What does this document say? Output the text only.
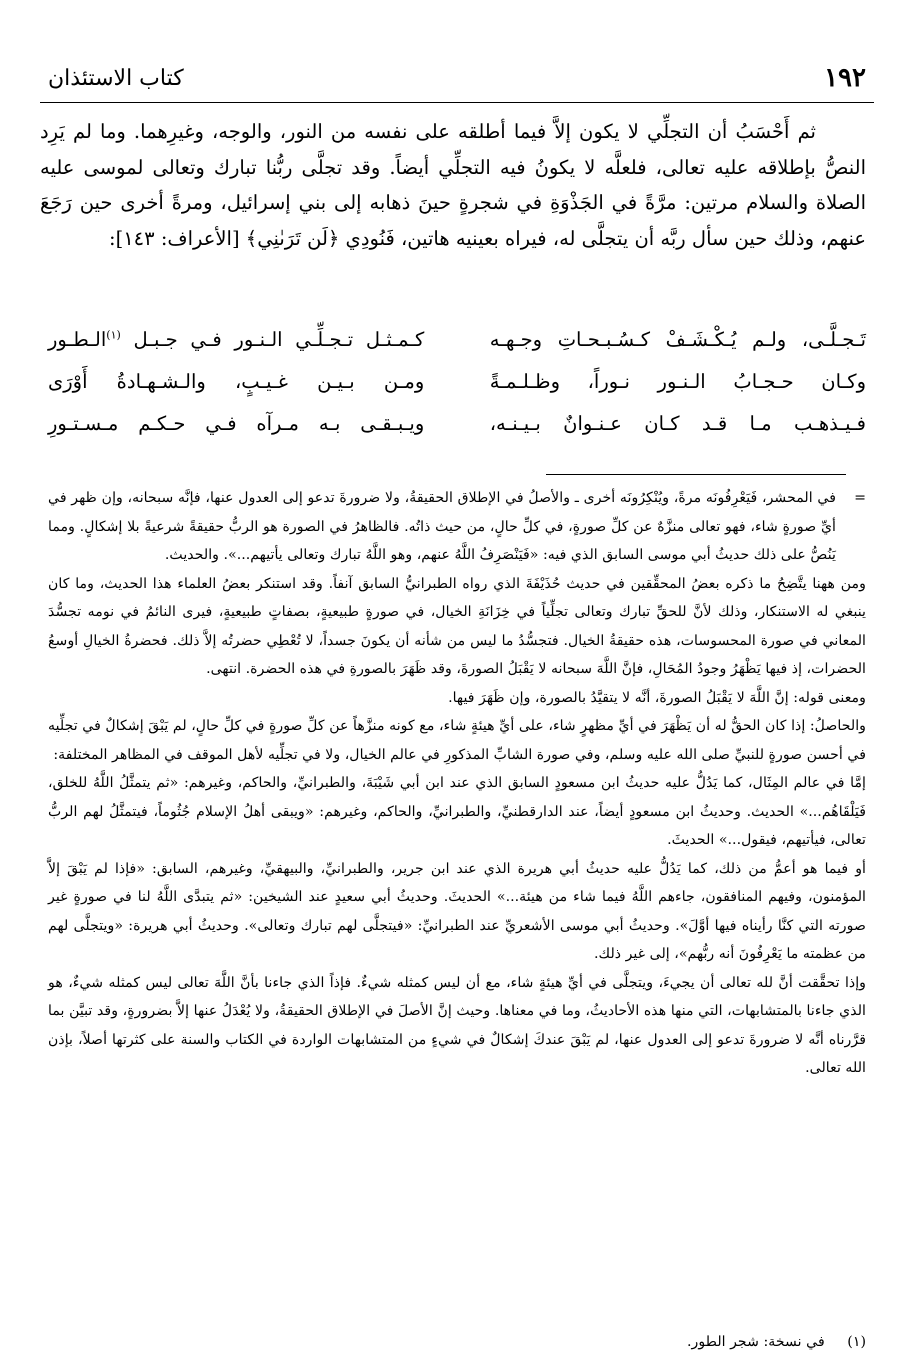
١٩٢
كتاب الاستئذان

ثم أَحْسَبُ أن التجلِّي لا يكون إلاَّ فيما أطلقه على نفسه من النور، والوجه، وغيرِهما. وما لم يَرِد النصُّ بإطلاقه عليه تعالى، فلعلَّه لا يكونُ فيه التجلِّي أيضاً. وقد تجلَّى ربُّنا تبارك وتعالى لموسى عليه الصلاة والسلام مرتين: مرَّةً في الجَذْوَةِ في شجرةٍ حينَ ذهابه إلى بني إسرائيل، ومرةً أخرى حين رَجَعَ عنهم، وذلك حين سأل ربَّه أن يتجلَّى له، فيراه بعينيه هاتين، فَنُودِي ﴿لَن تَرَىٰنِي﴾ [الأعراف: ١٤٣]:

تَـجـلَّـى، ولـم يُـكْـشَـفْ كـسُـبـحـاتِ وجـهـه
كـمـثـل تـجـلِّـي الـنـور فـي جـبـل $^{(١)}$الـطـور
وكـان حـجـابُ الـنـور نـوراً، وظـلـمـةً
ومـن بـيـن غـيـبٍ، والـشـهـادةُ أَوْرَى
فـيـذهـب مـا قـد كـان عـنـوانٌ بـيـنـه،
ويـبـقـى بـه مـرآه فـي حـكـم مـسـتـورِ

=
في المحشر، فَيَعْرِفُونَه مرةً، ويُنْكِرُونَه أخرى ـ والأصلُ في الإطلاق الحقيقةُ، ولا ضرورةَ تدعو إلى العدول عنها، فإنَّه سبحانه، وإن ظهر في أيِّ صورةٍ شاء، فهو تعالى منزَّهٌ عن كلِّ صورةٍ، في كلِّ حالٍ، من حيث ذاتُه. فالظاهرُ في الصورة هو الربُّ حقيقةً شرعيةً بلا إشكالٍ. ومما يَنُصُّ على ذلك حديثُ أبي موسى السابق الذي فيه: «فَيَنْصَرِفُ اللَّهُ عنهم، وهو اللَّهُ تبارك وتعالى يأتيهم...». والحديث.

ومن ههنا يتَّضِحُ ما ذكره بعضُ المحقِّقين في حديث حُذَيْفَةَ الذي رواه الطبرانيُّ السابق آنفاً. وقد استنكر بعضُ العلماء هذا الحديث، وما كان ينبغي له الاستنكار، وذلك لأنَّ للحقِّ تبارك وتعالى تجلِّياً في خِزَانَةِ الخيال، في صورةٍ طبيعيةٍ، بصفاتٍ طبيعيةٍ، فيرى النائمُ في نومه تجسُّدَ المعاني في صورة المحسوسات، هذه حقيقةُ الخيال. فتجسُّدُ ما ليس من شأنه أن يكونَ جسداً، لا تُعْطِي حضرتُه إلاَّ ذلك. فحضرةُ الخيالِ أوسعُ الحضرات، إذ فيها يَظْهَرُ وجودُ المُحَالِ، فإنَّ اللَّهَ سبحانه لا يَقْبَلُ الصورةَ، وقد ظَهَرَ بالصورةِ في هذه الحضرة. انتهى.

ومعنى قوله: إنَّ اللَّهَ لا يَقْبَلُ الصورةَ، أنَّه لا يتقيَّدُ بالصورة، وإن ظَهَرَ فيها.

والحاصلُ: إذا كان الحقُّ له أن يَظْهَرَ في أيِّ مظهرٍ شاء، على أيِّ هيئةٍ شاء، مع كونه منزَّهاً عن كلِّ صورةٍ في كلِّ حالٍ، لم يَبْقَ إشكالٌ في تجلِّيه في أحسن صورةٍ للنبيِّ صلى الله عليه وسلم، وفي صورة الشابِّ المذكورِ في عالم الخيال، ولا في تجلِّيه لأهل الموقف في المظاهر المختلفة:

إمَّا في عالم المِثَال، كما يَدُلُّ عليه حديثُ ابن مسعودٍ السابق الذي عند ابن أبي شَيْبَةَ، والطبرانيِّ، والحاكم، وغيرهم: «ثم يتمثَّلُ اللَّهُ للخلق، فَيَلْقَاهُم...» الحديث. وحديثُ ابن مسعودٍ أيضاً، عند الدارقطنيِّ، والطبرانيِّ، والحاكم، وغيرهم: «ويبقى أهلُ الإسلام جُثُوماً، فيتمثَّلُ لهم الربُّ تعالى، فيأتيهم، فيقول...» الحديثَ.

أو فيما هو أعمُّ من ذلك، كما يَدُلُّ عليه حديثُ أبي هريرة الذي عند ابن جرير، والطبرانيِّ، والبيهقيِّ، وغيرهم، السابق: «فإذا لم يَبْقَ إلاَّ المؤمنون، وفيهم المنافقون، جاءهم اللَّهُ فيما شاء من هيئة...» الحديثَ. وحديثُ أبي سعيدٍ عند الشيخين: «ثم يتبدَّى اللَّهُ لنا في صورةٍ غير صورته التي كنَّا رأيناه فيها أوَّلَ». وحديثُ أبي موسى الأشعريِّ عند الطبرانيِّ: «فيتجلَّى لهم تبارك وتعالى». وحديثُ أبي هريرة: «ويتجلَّى لهم من عظمته ما يَعْرِفُونَ أنه ربُّهم»، إلى غير ذلك.

وإذا تحقَّقت أنَّ لله تعالى أن يجيءَ، ويتجلَّى في أيِّ هيئةٍ شاء، مع أن ليس كمثله شيءٌ. فإذاً الذي جاءنا بأنَّ اللَّهَ تعالى ليس كمثله شيءٌ، هو الذي جاءنا بالمتشابهات، التي منها هذه الأحاديثُ، وما في معناها. وحيث إنَّ الأصلَ في الإطلاق الحقيقةُ، ولا يُعْدَلُ عنها إلاَّ بضرورةٍ، وقد تبيَّن بما قرَّرناه أنَّه لا ضرورةَ تدعو إلى العدول عنها، لم يَبْقَ عندكَ إشكالٌ في شيءٍ من المتشابهات الواردة في الكتاب والسنة على كثرتها أصلاً، بإذن الله تعالى.

(١) في نسخة: شجر الطور.
